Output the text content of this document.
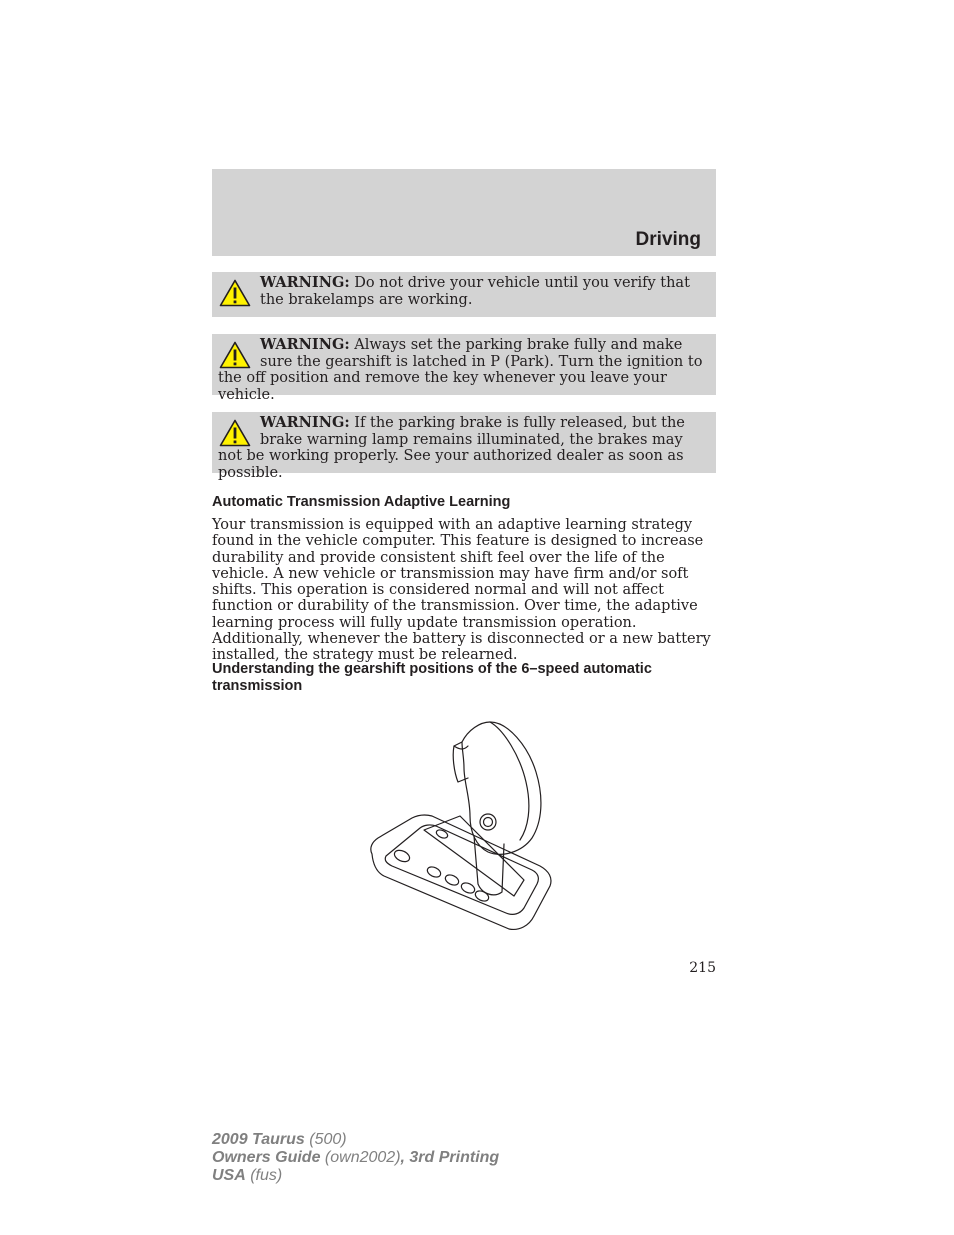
Driving
WARNING: Do not drive your vehicle until you verify that the brakelamps are working.
WARNING: Always set the parking brake fully and make sure the gearshift is latched in P (Park). Turn the ignition to the off position and remove the key whenever you leave your vehicle.
WARNING: If the parking brake is fully released, but the brake warning lamp remains illuminated, the brakes may not be working properly. See your authorized dealer as soon as possible.
Automatic Transmission Adaptive Learning
Your transmission is equipped with an adaptive learning strategy found in the vehicle computer. This feature is designed to increase durability and provide consistent shift feel over the life of the vehicle. A new vehicle or transmission may have firm and/or soft shifts. This operation is considered normal and will not affect function or durability of the transmission. Over time, the adaptive learning process will fully update transmission operation. Additionally, whenever the battery is disconnected or a new battery installed, the strategy must be relearned.
Understanding the gearshift positions of the 6–speed automatic transmission
215
2009 Taurus (500)
Owners Guide (own2002), 3rd Printing
USA (fus)
